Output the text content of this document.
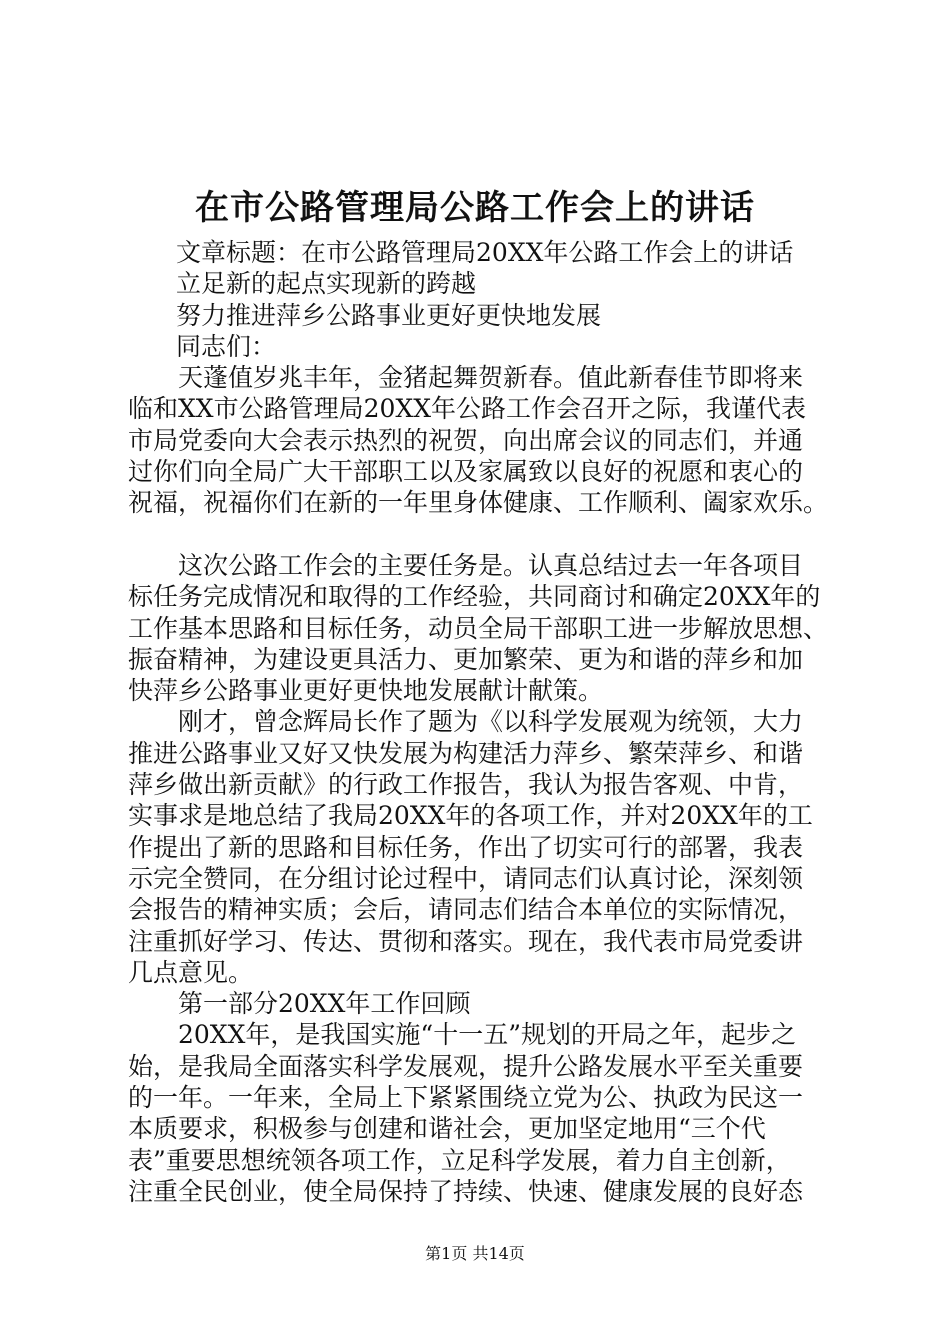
在市公路管理局公路工作会上的讲话
文章标题：在市公路管理局20XX年公路工作会上的讲话
立足新的起点实现新的跨越
努力推进萍乡公路事业更好更快地发展
同志们：
天蓬值岁兆丰年，金猪起舞贺新春。值此新春佳节即将来
临和XX市公路管理局20XX年公路工作会召开之际，我谨代表
市局党委向大会表示热烈的祝贺，向出席会议的同志们，并通
过你们向全局广大干部职工以及家属致以良好的祝愿和衷心的
祝福，祝福你们在新的一年里身体健康、工作顺利、阖家欢乐。
这次公路工作会的主要任务是。认真总结过去一年各项目
标任务完成情况和取得的工作经验，共同商讨和确定20XX年的
工作基本思路和目标任务，动员全局干部职工进一步解放思想、
振奋精神，为建设更具活力、更加繁荣、更为和谐的萍乡和加
快萍乡公路事业更好更快地发展献计献策。
刚才，曾念辉局长作了题为《以科学发展观为统领，大力
推进公路事业又好又快发展为构建活力萍乡、繁荣萍乡、和谐
萍乡做出新贡献》的行政工作报告，我认为报告客观、中肯，
实事求是地总结了我局20XX年的各项工作，并对20XX年的工
作提出了新的思路和目标任务，作出了切实可行的部署，我表
示完全赞同，在分组讨论过程中，请同志们认真讨论，深刻领
会报告的精神实质；会后，请同志们结合本单位的实际情况，
注重抓好学习、传达、贯彻和落实。现在，我代表市局党委讲
几点意见。
第一部分20XX年工作回顾
20XX年，是我国实施“十一五”规划的开局之年，起步之
始，是我局全面落实科学发展观，提升公路发展水平至关重要
的一年。一年来，全局上下紧紧围绕立党为公、执政为民这一
本质要求，积极参与创建和谐社会，更加坚定地用“三个代
表”重要思想统领各项工作，立足科学发展，着力自主创新，
注重全民创业，使全局保持了持续、快速、健康发展的良好态
第1页 共14页
